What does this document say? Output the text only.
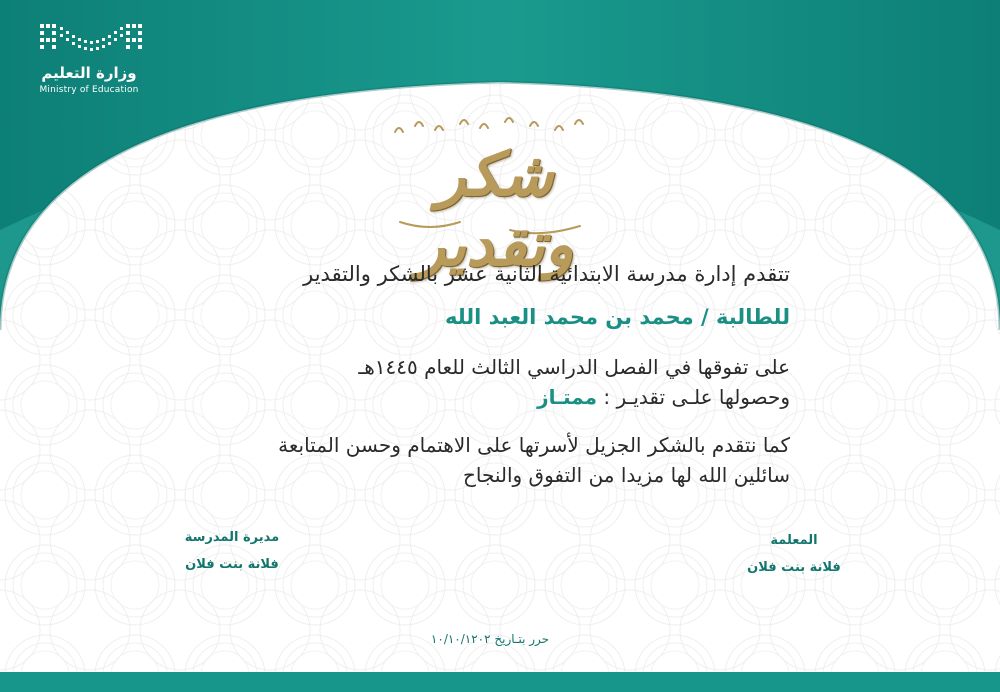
وزارة التعليم
Ministry of Education
شكر وتقدير
تتقدم إدارة مدرسة الابتدائية الثانية عشر بالشكر والتقدير
للطالبة / محمد بن محمد العبد الله
على تفوقها في الفصل الدراسي الثالث للعام ١٤٤٥هـ
وحصولها علـى تقديـر : ممتـاز
كما نتقدم بالشكر الجزيل لأسرتها على الاهتمام وحسن المتابعة
سائلين الله لها مزيدا من التفوق والنجاح
مديرة المدرسة
فلانة بنت فلان
المعلمة
فلانة بنت فلان
حرر بتـاريخ ١٠/١٠/١٢٠٢
